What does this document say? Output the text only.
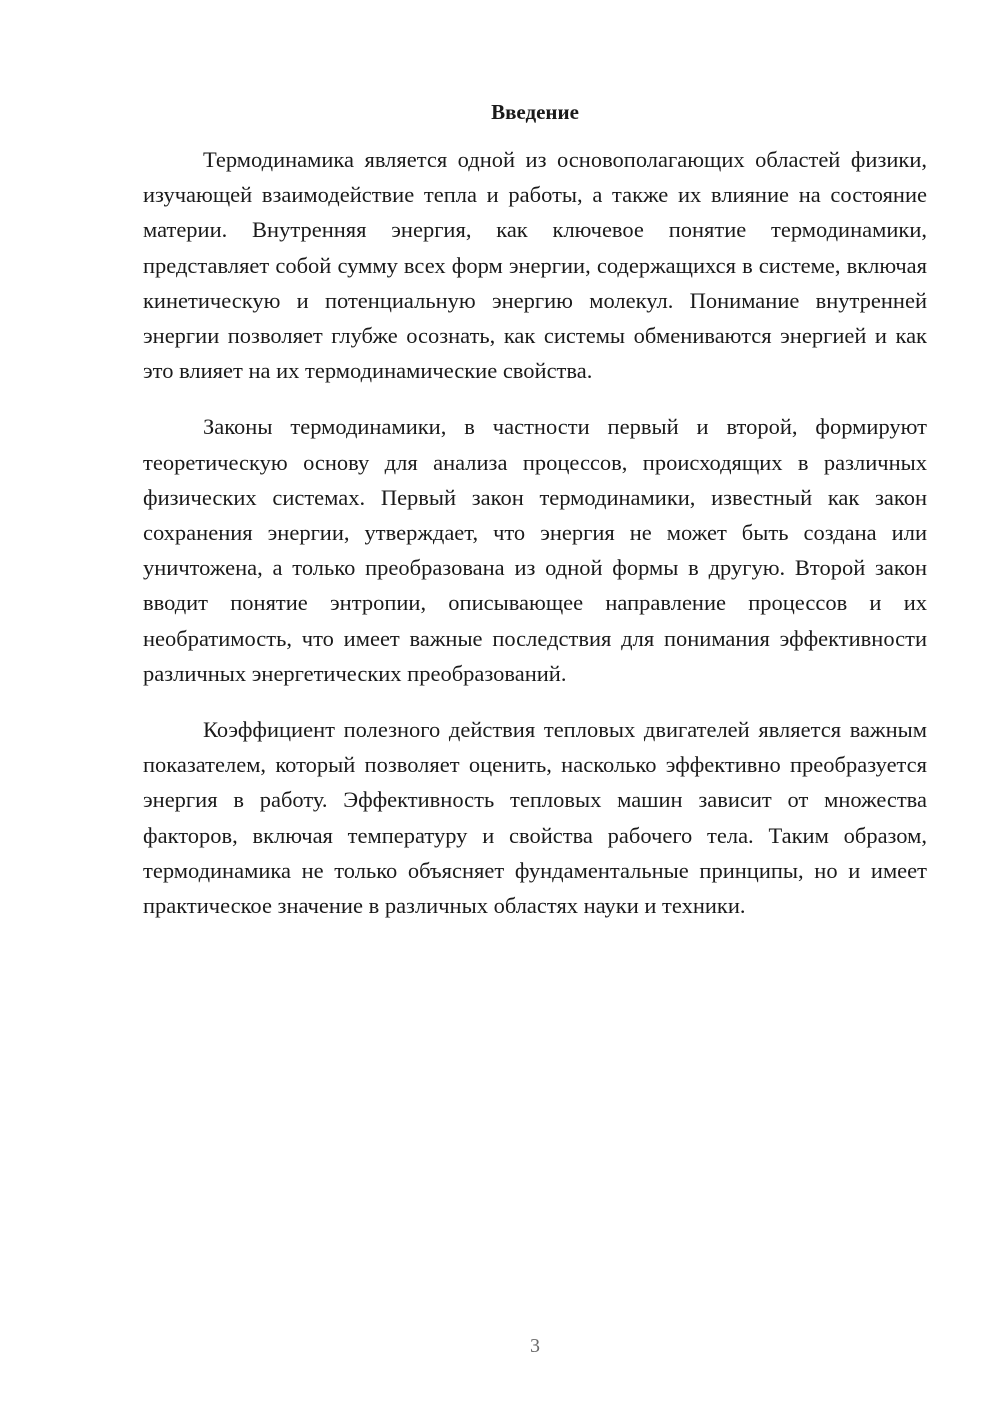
Введение

Термодинамика является одной из основополагающих областей физики, изучающей взаимодействие тепла и работы, а также их влияние на состояние материи. Внутренняя энергия, как ключевое понятие термодинамики, представляет собой сумму всех форм энергии, содержащихся в системе, включая кинетическую и потенциальную энергию молекул. Понимание внутренней энергии позволяет глубже осознать, как системы обмениваются энергией и как это влияет на их термодинамические свойства.

Законы термодинамики, в частности первый и второй, формируют теоретическую основу для анализа процессов, происходящих в различных физических системах. Первый закон термодинамики, известный как закон сохранения энергии, утверждает, что энергия не может быть создана или уничтожена, а только преобразована из одной формы в другую. Второй закон вводит понятие энтропии, описывающее направление процессов и их необратимость, что имеет важные последствия для понимания эффективности различных энергетических преобразований.

Коэффициент полезного действия тепловых двигателей является важным показателем, который позволяет оценить, насколько эффективно преобразуется энергия в работу. Эффективность тепловых машин зависит от множества факторов, включая температуру и свойства рабочего тела. Таким образом, термодинамика не только объясняет фундаментальные принципы, но и имеет практическое значение в различных областях науки и техники.

3
